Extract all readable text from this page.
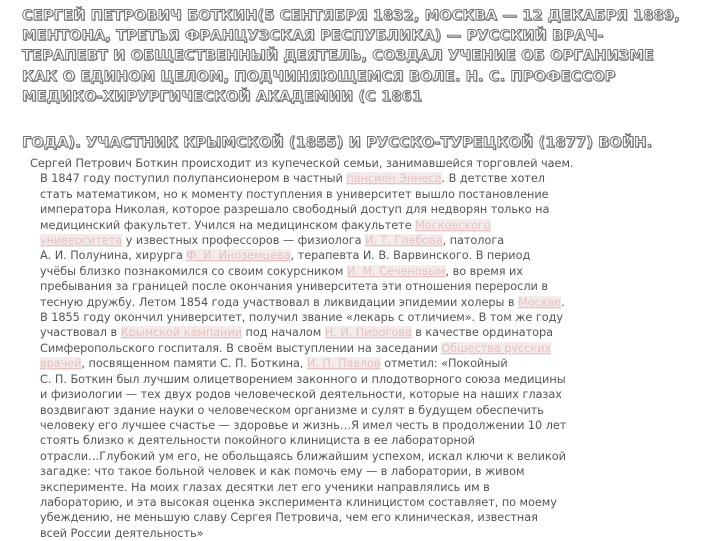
СЕРГЕЙ ПЕТРОВИЧ БОТКИН(5 СЕНТЯБРЯ 1832, МОСКВА — 12 ДЕКАБРЯ 1889, МЕНТОНА, ТРЕТЬЯ ФРАНЦУЗСКАЯ РЕСПУБЛИКА) — РУССКИЙ ВРАЧ-ТЕРАПЕВТ И ОБЩЕСТВЕННЫЙ ДЕЯТЕЛЬ, СОЗДАЛ УЧЕНИЕ ОБ ОРГАНИЗМЕ КАК О ЕДИНОМ ЦЕЛОМ, ПОДЧИНЯЮЩЕМСЯ ВОЛЕ. Н. С. ПРОФЕССОР МЕДИКО-ХИРУРГИЧЕСКОЙ АКАДЕМИИ (С 1861
ГОДА). УЧАСТНИК КРЫМСКОЙ (1855) И РУССКО-ТУРЕЦКОЙ (1877) ВОЙН.
Сергей Петрович Боткин происходит из купеческой семьи, занимавшейся торговлей чаем.
В 1847 году поступил полупансионером в частный пансион Эннеса. В детстве хотел
стать математиком, но к моменту поступления в университет вышло постановление
императора Николая, которое разрешало свободный доступ для недворян только на
медицинский факультет. Учился на медицинском факультете Московского
университета у известных профессоров — физиолога И. Т. Глебова, патолога
А. И. Полунина, хирурга Ф. И. Иноземцева, терапевта И. В. Варвинского. В период
учёбы близко познакомился со своим сокурсником И. М. Сеченовым, во время их
пребывания за границей после окончания университета эти отношения переросли в
тесную дружбу. Летом 1854 года участвовал в ликвидации эпидемии холеры в Москве.
В 1855 году окончил университет, получил звание «лекарь с отличием». В том же году
участвовал в Крымской кампании под началом Н. И. Пирогова в качестве ординатора
Симферопольского госпиталя. В своём выступлении на заседании Общества русских
врачей, посвященном памяти С. П. Боткина, И. П. Павлов отметил: «Покойный
С. П. Боткин был лучшим олицетворением законного и плодотворного союза медицины
и физиологии — тех двух родов человеческой деятельности, которые на наших глазах
воздвигают здание науки о человеческом организме и сулят в будущем обеспечить
человеку его лучшее счастье — здоровье и жизнь…Я имел честь в продолжении 10 лет
стоять близко к деятельности покойного клинициста в ее лабораторной
отрасли…Глубокий ум его, не обольщаясь ближайшим успехом, искал ключи к великой
загадке: что такое больной человек и как помочь ему — в лаборатории, в живом
эксперименте. На моих глазах десятки лет его ученики направлялись им в
лабораторию, и эта высокая оценка эксперимента клиницистом составляет, по моему
убеждению, не меньшую славу Сергея Петровича, чем его клиническая, известная
всей России деятельность»
